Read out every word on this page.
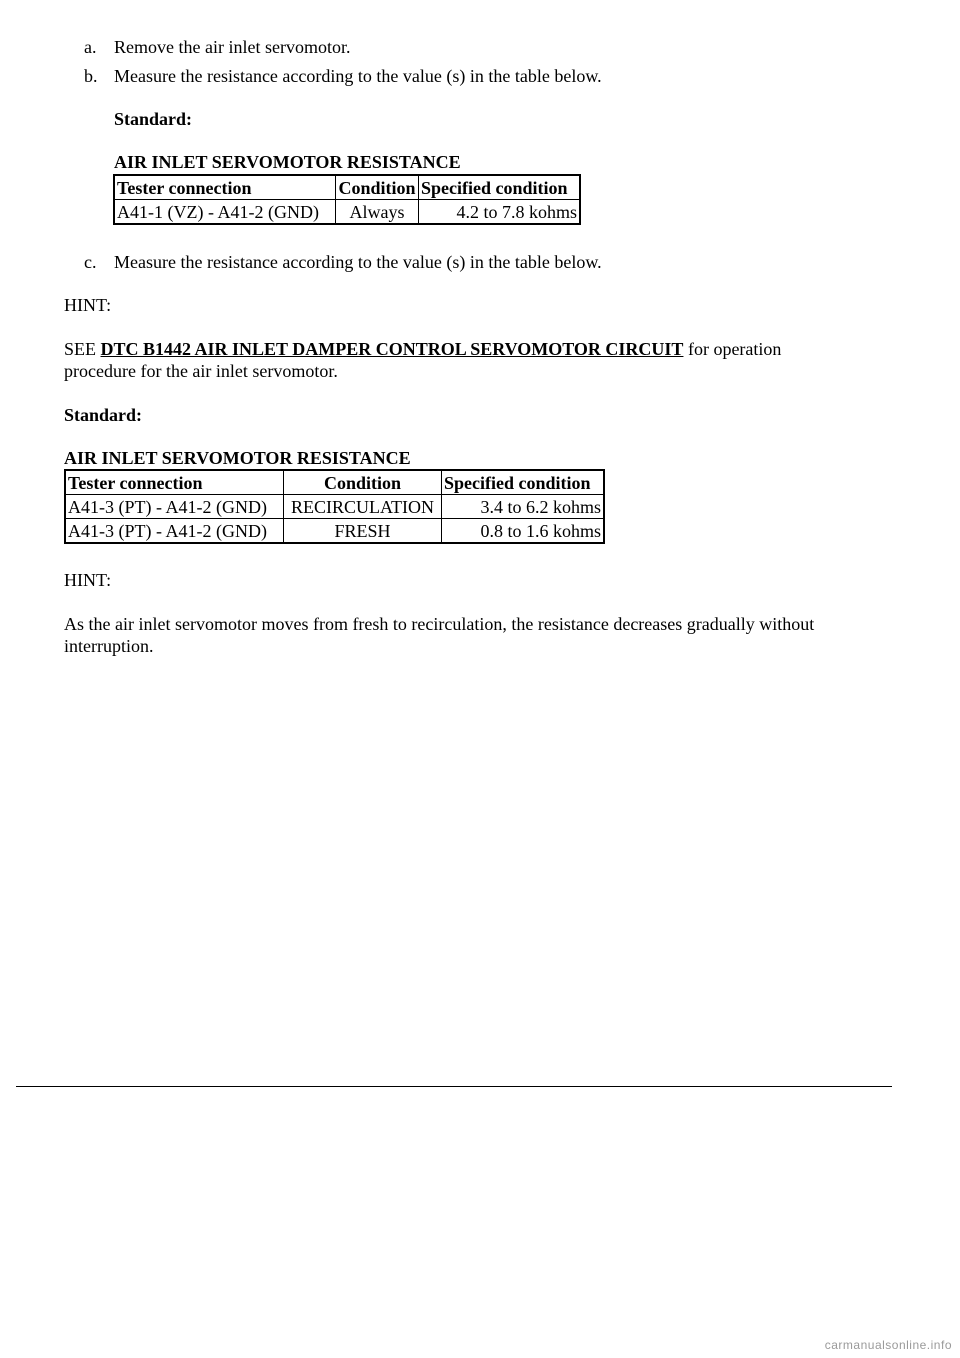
a. Remove the air inlet servomotor.
b. Measure the resistance according to the value (s) in the table below.
Standard:
AIR INLET SERVOMOTOR RESISTANCE
Tester connection	Condition	Specified condition
A41-1 (VZ) - A41-2 (GND)	Always	4.2 to 7.8 kohms
c. Measure the resistance according to the value (s) in the table below.
HINT:
SEE DTC B1442 AIR INLET DAMPER CONTROL SERVOMOTOR CIRCUIT for operation
procedure for the air inlet servomotor.
Standard:
AIR INLET SERVOMOTOR RESISTANCE
Tester connection	Condition	Specified condition
A41-3 (PT) - A41-2 (GND)	RECIRCULATION	3.4 to 6.2 kohms
A41-3 (PT) - A41-2 (GND)	FRESH	0.8 to 1.6 kohms
HINT:
As the air inlet servomotor moves from fresh to recirculation, the resistance decreases gradually without
interruption.
carmanualsonline.info
